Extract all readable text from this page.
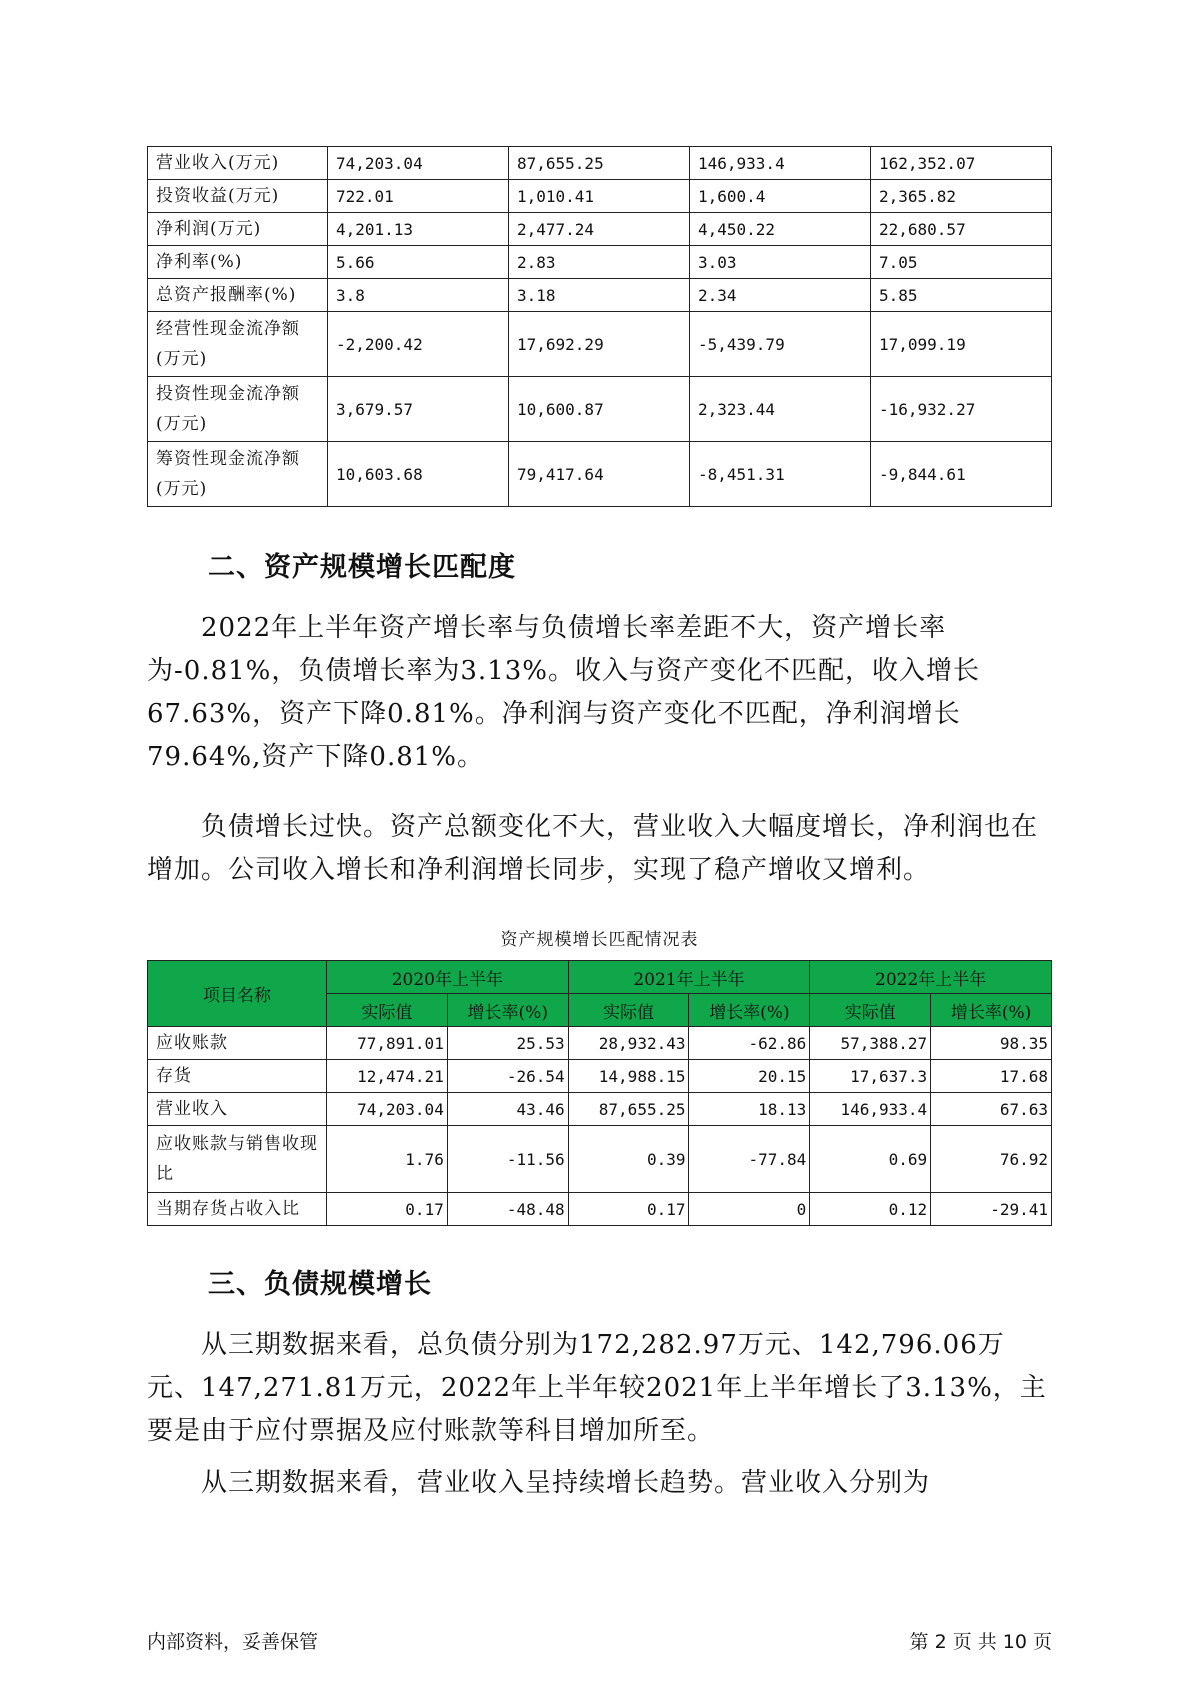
营业收入(万元)	74,203.04	87,655.25	146,933.4	162,352.07
投资收益(万元)	722.01	1,010.41	1,600.4	2,365.82
净利润(万元)	4,201.13	2,477.24	4,450.22	22,680.57
净利率(%)	5.66	2.83	3.03	7.05
总资产报酬率(%)	3.8	3.18	2.34	5.85
经营性现金流净额(万元)	-2,200.42	17,692.29	-5,439.79	17,099.19
投资性现金流净额(万元)	3,679.57	10,600.87	2,323.44	-16,932.27
筹资性现金流净额(万元)	10,603.68	79,417.64	-8,451.31	-9,844.61
二、资产规模增长匹配度

2022年上半年资产增长率与负债增长率差距不大，资产增长率为-0.81%，负债增长率为3.13%。收入与资产变化不匹配，收入增长67.63%，资产下降0.81%。净利润与资产变化不匹配，净利润增长79.64%,资产下降0.81%。

负债增长过快。资产总额变化不大，营业收入大幅度增长，净利润也在增加。公司收入增长和净利润增长同步，实现了稳产增收又增利。

资产规模增长匹配情况表
项目名称	2020年上半年		2021年上半年		2022年上半年	
	实际值	增长率(%)	实际值	增长率(%)	实际值	增长率(%)
应收账款	77,891.01	25.53	28,932.43	-62.86	57,388.27	98.35
存货	12,474.21	-26.54	14,988.15	20.15	17,637.3	17.68
营业收入	74,203.04	43.46	87,655.25	18.13	146,933.4	67.63
应收账款与销售收现比	1.76	-11.56	0.39	-77.84	0.69	76.92
当期存货占收入比	0.17	-48.48	0.17	0	0.12	-29.41
三、负债规模增长

从三期数据来看，总负债分别为172,282.97万元、142,796.06万元、147,271.81万元，2022年上半年较2021年上半年增长了3.13%，主要是由于应付票据及应付账款等科目增加所至。

从三期数据来看，营业收入呈持续增长趋势。营业收入分别为

内部资料，妥善保管	第 2 页 共 10 页
